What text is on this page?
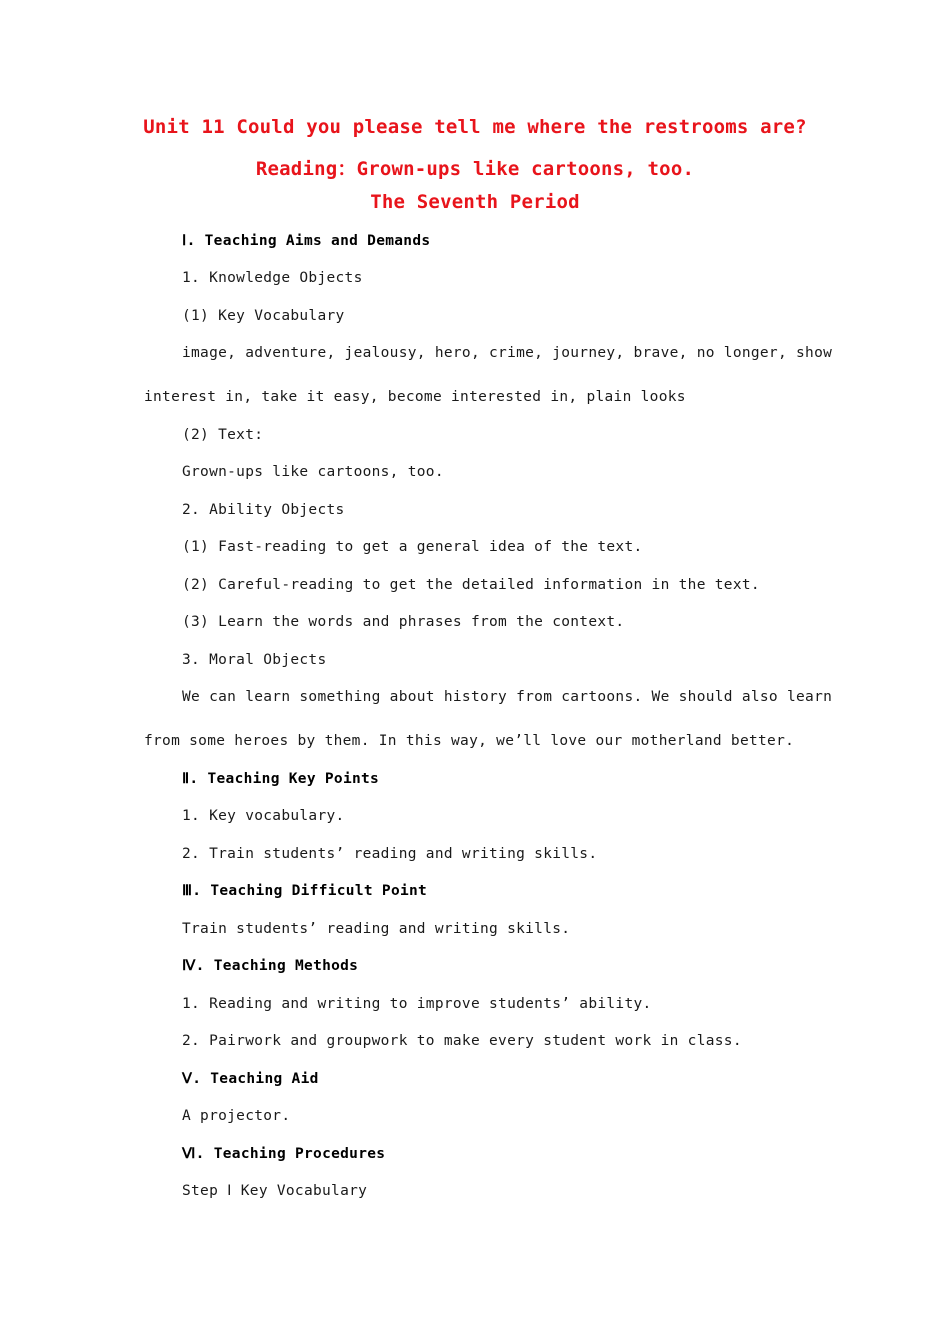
Unit 11 Could you please tell me where the restrooms are?
Reading：Grown-ups like cartoons, too.
The Seventh Period
Ⅰ. Teaching Aims and Demands
1. Knowledge Objects
(1) Key Vocabulary
image, adventure, jealousy, hero, crime, journey, brave, no longer, show
interest in, take it easy, become interested in, plain looks
(2) Text:
Grown-ups like cartoons, too.
2. Ability Objects
(1) Fast-reading to get a general idea of the text.
(2) Careful-reading to get the detailed information in the text.
(3) Learn the words and phrases from the context.
3. Moral Objects
We can learn something about history from cartoons. We should also learn
from some heroes by them. In this way, we’ll love our motherland better.
Ⅱ. Teaching Key Points
1. Key vocabulary.
2. Train students’ reading and writing skills.
Ⅲ. Teaching Difficult Point
Train students’ reading and writing skills.
Ⅳ. Teaching Methods
1. Reading and writing to improve students’ ability.
2. Pairwork and groupwork to make every student work in class.
Ⅴ. Teaching Aid
A projector.
Ⅵ. Teaching Procedures
Step Ⅰ Key Vocabulary
